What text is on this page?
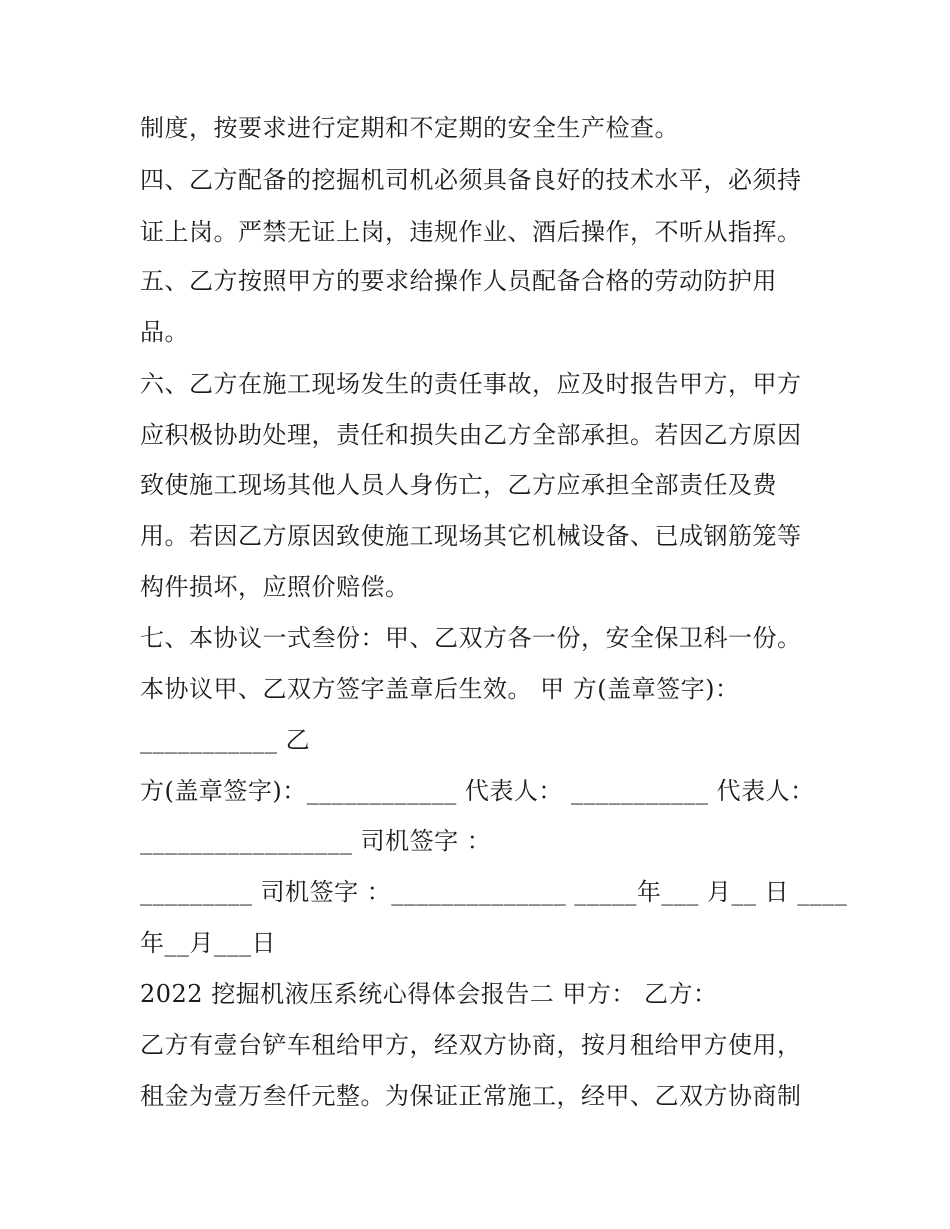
制度，按要求进行定期和不定期的安全生产检查。
四、乙方配备的挖掘机司机必须具备良好的技术水平，必须持
证上岗。严禁无证上岗，违规作业、酒后操作，不听从指挥。
五、乙方按照甲方的要求给操作人员配备合格的劳动防护用
品。
六、乙方在施工现场发生的责任事故，应及时报告甲方，甲方
应积极协助处理，责任和损失由乙方全部承担。若因乙方原因
致使施工现场其他人员人身伤亡，乙方应承担全部责任及费
用。若因乙方原因致使施工现场其它机械设备、已成钢筋笼等
构件损坏，应照价赔偿。
七、本协议一式叁份：甲、乙双方各一份，安全保卫科一份。
本协议甲、乙双方签字盖章后生效。 甲 方(盖章签字)：
___________ 乙
方(盖章签字)：____________ 代表人： ___________ 代表人：
_________________ 司机签字 ：
_________ 司机签字 ：______________ _____年___ 月__ 日 ____
年__月___日
2022 挖掘机液压系统心得体会报告二 甲方： 乙方：
乙方有壹台铲车租给甲方，经双方协商，按月租给甲方使用，
租金为壹万叁仟元整。为保证正常施工，经甲、乙双方协商制
